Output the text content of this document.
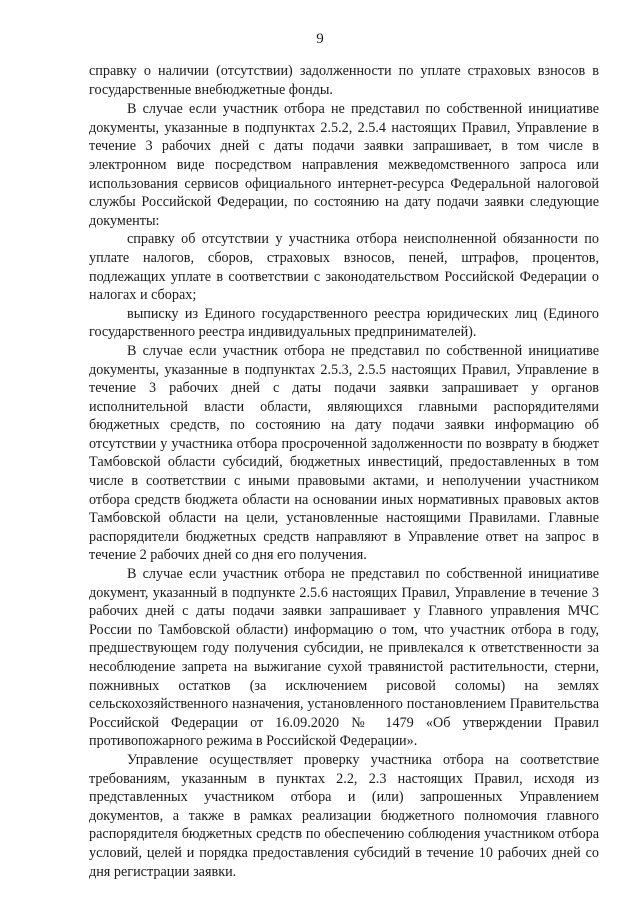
9

справку о наличии (отсутствии) задолженности по уплате страховых взносов в государственные внебюджетные фонды.

В случае если участник отбора не представил по собственной инициативе документы, указанные в подпунктах 2.5.2, 2.5.4 настоящих Правил, Управление в течение 3 рабочих дней с даты подачи заявки запрашивает, в том числе в электронном виде посредством направления межведомственного запроса или использования сервисов официального интернет-ресурса Федеральной налоговой службы Российской Федерации, по состоянию на дату подачи заявки следующие документы:

справку об отсутствии у участника отбора неисполненной обязанности по уплате налогов, сборов, страховых взносов, пеней, штрафов, процентов, подлежащих уплате в соответствии с законодательством Российской Федерации о налогах и сборах;

выписку из Единого государственного реестра юридических лиц (Единого государственного реестра индивидуальных предпринимателей).

В случае если участник отбора не представил по собственной инициативе документы, указанные в подпунктах 2.5.3, 2.5.5 настоящих Правил, Управление в течение 3 рабочих дней с даты подачи заявки запрашивает у органов исполнительной власти области, являющихся главными распорядителями бюджетных средств, по состоянию на дату подачи заявки информацию об отсутствии у участника отбора просроченной задолженности по возврату в бюджет Тамбовской области субсидий, бюджетных инвестиций, предоставленных в том числе в соответствии с иными правовыми актами, и неполучении участником отбора средств бюджета области на основании иных нормативных правовых актов Тамбовской области на цели, установленные настоящими Правилами. Главные распорядители бюджетных средств направляют в Управление ответ на запрос в течение 2 рабочих дней со дня его получения.

В случае если участник отбора не представил по собственной инициативе документ, указанный в подпункте 2.5.6 настоящих Правил, Управление в течение 3 рабочих дней с даты подачи заявки запрашивает у Главного управления МЧС России по Тамбовской области) информацию о том, что участник отбора в году, предшествующем году получения субсидии, не привлекался к ответственности за несоблюдение запрета на выжигание сухой травянистой растительности, стерни, пожнивных остатков (за исключением рисовой соломы) на землях сельскохозяйственного назначения, установленного постановлением Правительства Российской Федерации от 16.09.2020 № 1479 «Об утверждении Правил противопожарного режима в Российской Федерации».

Управление осуществляет проверку участника отбора на соответствие требованиям, указанным в пунктах 2.2, 2.3 настоящих Правил, исходя из представленных участником отбора и (или) запрошенных Управлением документов, а также в рамках реализации бюджетного полномочия главного распорядителя бюджетных средств по обеспечению соблюдения участником отбора условий, целей и порядка предоставления субсидий в течение 10 рабочих дней со дня регистрации заявки.
